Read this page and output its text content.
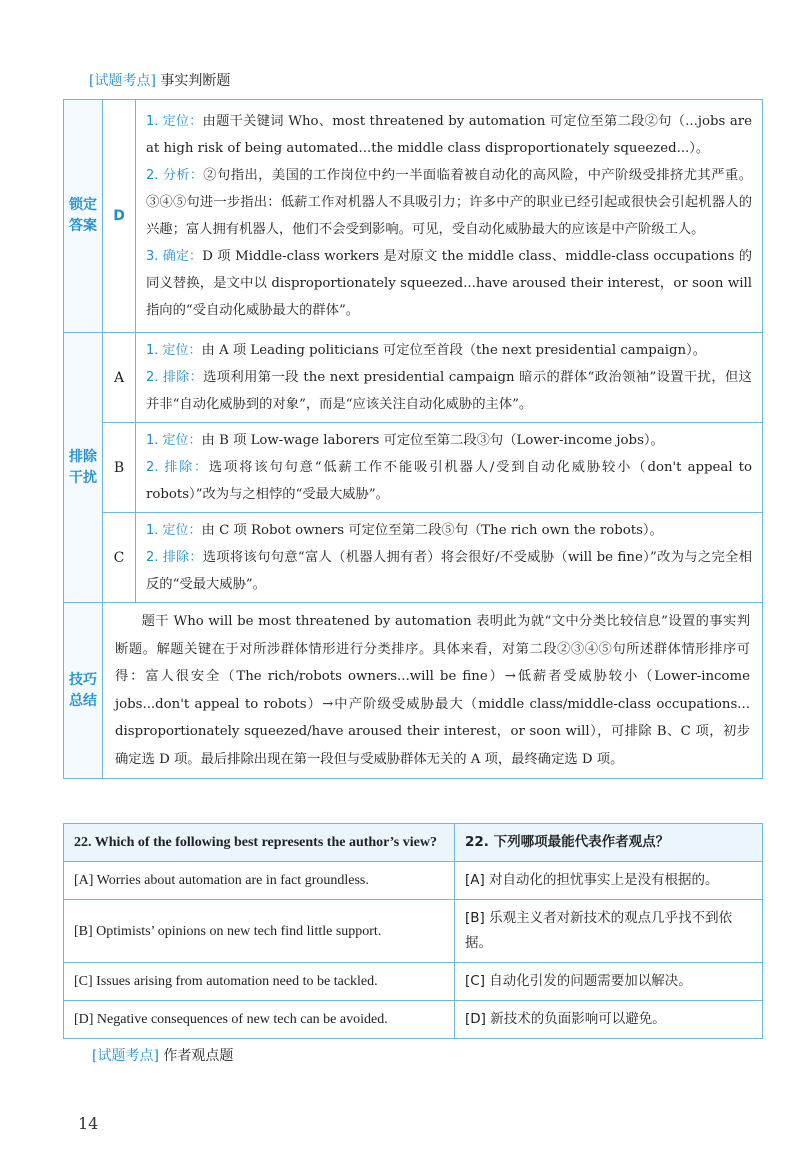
[试题考点] 事实判断题
锁定答案	D	1. 定位：由题干关键词 Who、most threatened by automation 可定位至第二段②句（...jobs are at high risk of being automated...the middle class disproportionately squeezed...）。

2. 分析：②句指出，美国的工作岗位中约一半面临着被自动化的高风险，中产阶级受排挤尤其严重。③④⑤句进一步指出：低薪工作对机器人不具吸引力；许多中产的职业已经引起或很快会引起机器人的兴趣；富人拥有机器人，他们不会受到影响。可见，受自动化威胁最大的应该是中产阶级工人。

3. 确定：D 项 Middle-class workers 是对原文 the middle class、middle-class occupations 的同义替换，是文中以 disproportionately squeezed...have aroused their interest，or soon will 指向的“受自动化威胁最大的群体”。

排除干扰	A	1. 定位：由 A 项 Leading politicians 可定位至首段（the next presidential campaign）。

2. 排除：选项利用第一段 the next presidential campaign 暗示的群体“政治领袖”设置干扰，但这并非“自动化威胁到的对象”，而是“应该关注自动化威胁的主体”。

	B	1. 定位：由 B 项 Low-wage laborers 可定位至第二段③句（Lower-income jobs）。

2. 排除：选项将该句句意“低薪工作不能吸引机器人/受到自动化威胁较小（don't appeal to robots）”改为与之相悖的“受最大威胁”。

	C	1. 定位：由 C 项 Robot owners 可定位至第二段⑤句（The rich own the robots）。

2. 排除：选项将该句句意“富人（机器人拥有者）将会很好/不受威胁（will be fine）”改为与之完全相反的“受最大威胁”。

技巧总结	题干 Who will be most threatened by automation 表明此为就“文中分类比较信息”设置的事实判断题。解题关键在于对所涉群体情形进行分类排序。具体来看，对第二段②③④⑤句所述群体情形排序可得：富人很安全（The rich/robots owners...will be fine）→低薪者受威胁较小（Lower-income jobs...don't appeal to robots）→中产阶级受威胁最大（middle class/middle-class occupations... disproportionately squeezed/have aroused their interest，or soon will），可排除 B、C 项，初步确定选 D 项。最后排除出现在第一段但与受威胁群体无关的 A 项，最终确定选 D 项。	

22. Which of the following best represents the author’s view?	22. 下列哪项最能代表作者观点？
[A] Worries about automation are in fact groundless.	[A] 对自动化的担忧事实上是没有根据的。
[B] Optimists’ opinions on new tech find little support.	[B] 乐观主义者对新技术的观点几乎找不到依据。
[C] Issues arising from automation need to be tackled.	[C] 自动化引发的问题需要加以解决。
[D] Negative consequences of new tech can be avoided.	[D] 新技术的负面影响可以避免。
[试题考点] 作者观点题
14
